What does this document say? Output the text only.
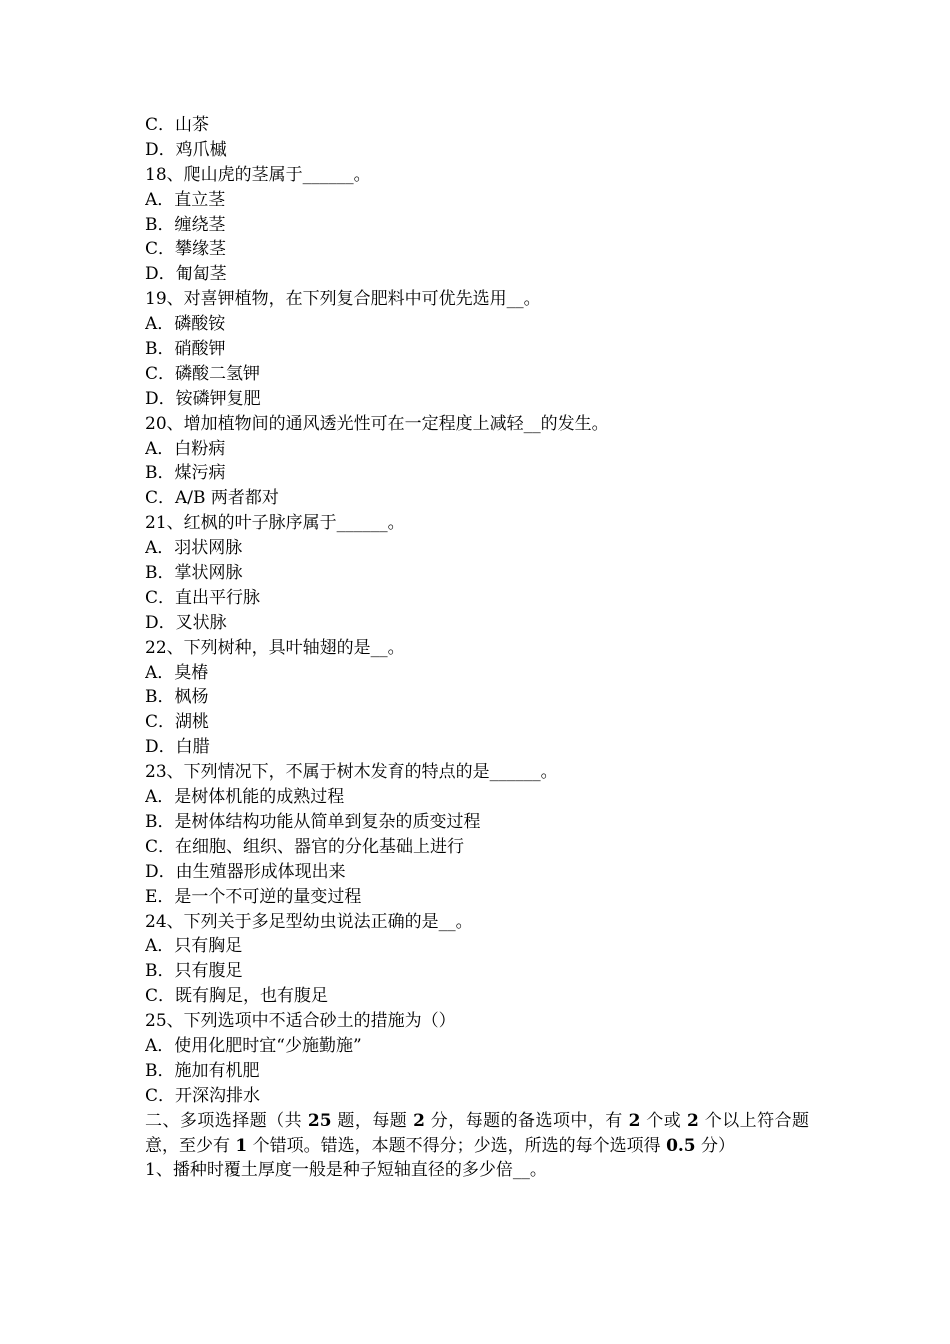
C．山茶
D．鸡爪槭
18、爬山虎的茎属于______。
A．直立茎
B．缠绕茎
C．攀缘茎
D．匍匐茎
19、对喜钾植物，在下列复合肥料中可优先选用__。
A．磷酸铵
B．硝酸钾
C．磷酸二氢钾
D．铵磷钾复肥
20、增加植物间的通风透光性可在一定程度上减轻__的发生。
A．白粉病
B．煤污病
C．A/B 两者都对
21、红枫的叶子脉序属于______。
A．羽状网脉
B．掌状网脉
C．直出平行脉
D．叉状脉
22、下列树种，具叶轴翅的是__。
A．臭椿
B．枫杨
C．湖桃
D．白腊
23、下列情况下，不属于树木发育的特点的是______。
A．是树体机能的成熟过程
B．是树体结构功能从简单到复杂的质变过程
C．在细胞、组织、器官的分化基础上进行
D．由生殖器形成体现出来
E．是一个不可逆的量变过程
24、下列关于多足型幼虫说法正确的是__。
A．只有胸足
B．只有腹足
C．既有胸足，也有腹足
25、下列选项中不适合砂土的措施为（）
A．使用化肥时宜“少施勤施”
B．施加有机肥
C．开深沟排水
二、多项选择题（共 25 题，每题 2 分，每题的备选项中，有 2 个或 2 个以上符合题意，至少有 1 个错项。错选，本题不得分；少选，所选的每个选项得 0.5 分）
1、播种时覆土厚度一般是种子短轴直径的多少倍__。
